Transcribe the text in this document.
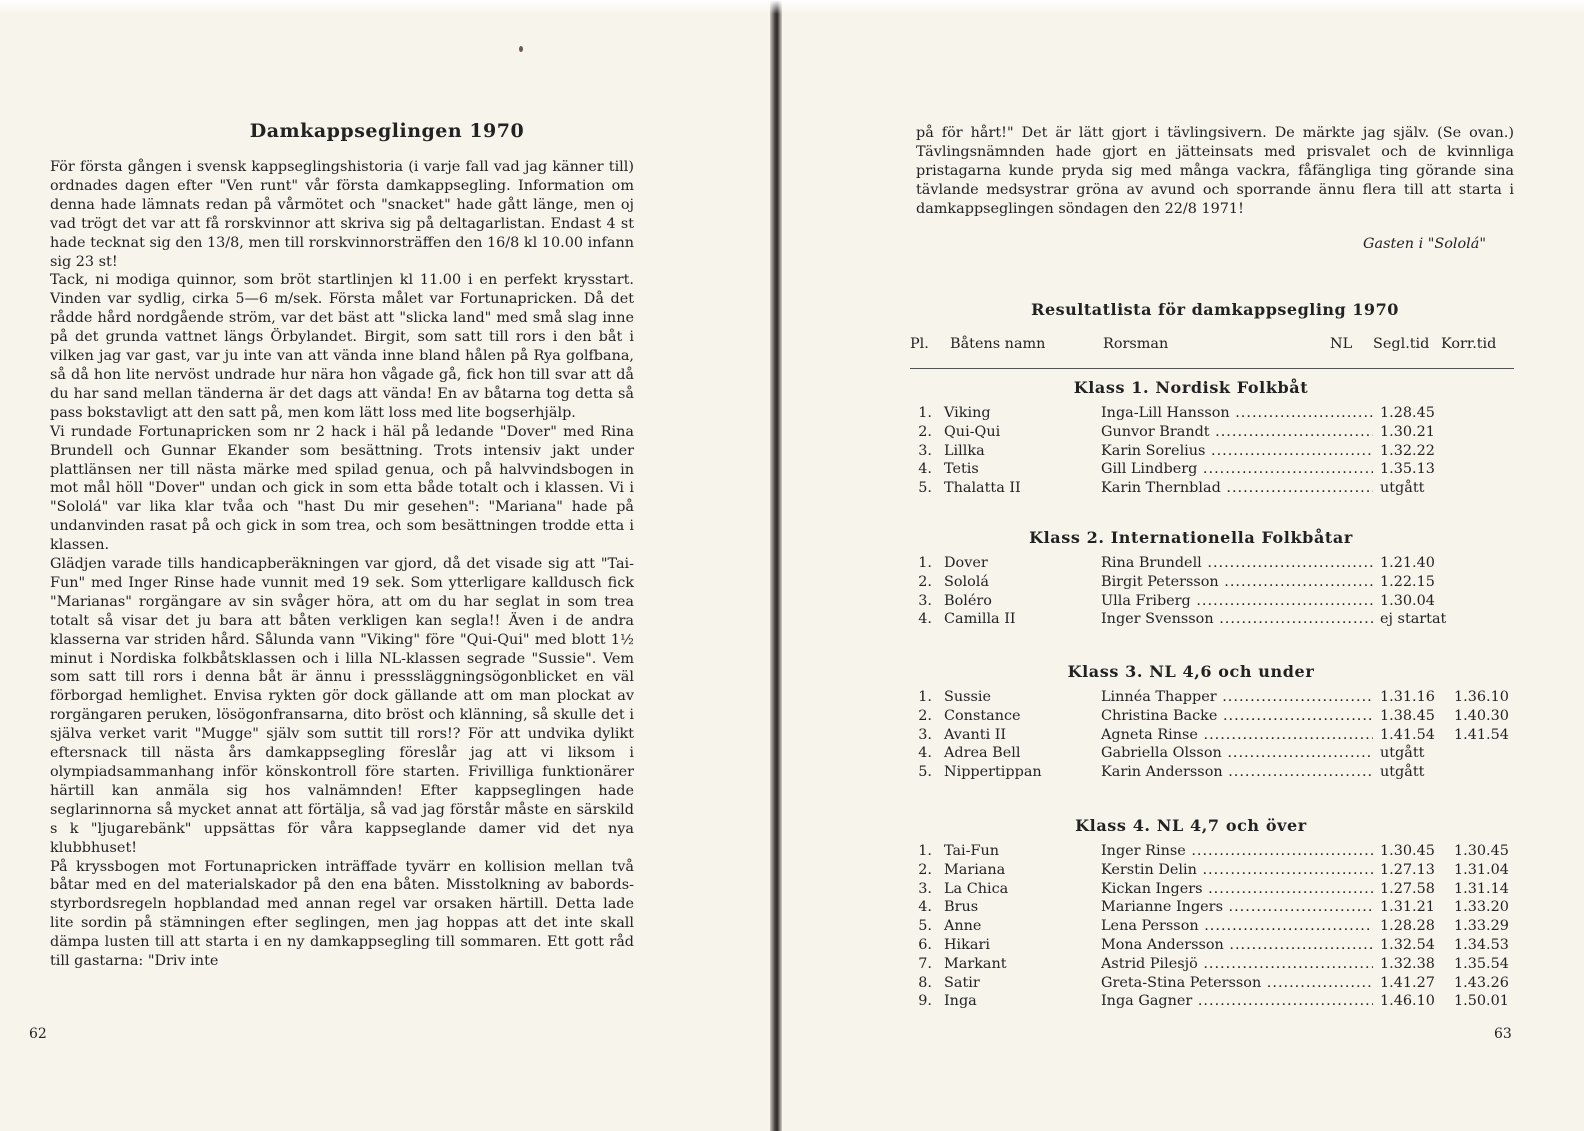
Damkappseglingen 1970

För första gången i svensk kappseglingshistoria (i varje fall vad jag känner till) ordnades dagen efter "Ven runt" vår första damkappsegling. Information om denna hade lämnats redan på vårmötet och "snacket" hade gått länge, men oj vad trögt det var att få rorskvinnor att skriva sig på deltagarlistan. Endast 4 st hade tecknat sig den 13/8, men till rorskvinnorsträffen den 16/8 kl 10.00 infann sig 23 st!

Tack, ni modiga quinnor, som bröt startlinjen kl 11.00 i en perfekt krysstart. Vinden var sydlig, cirka 5—6 m/sek. Första målet var Fortunapricken. Då det rådde hård nordgående ström, var det bäst att "slicka land" med små slag inne på det grunda vattnet längs Örbylandet. Birgit, som satt till rors i den båt i vilken jag var gast, var ju inte van att vända inne bland hålen på Rya golfbana, så då hon lite nervöst undrade hur nära hon vågade gå, fick hon till svar att då du har sand mellan tänderna är det dags att vända! En av båtarna tog detta så pass bokstavligt att den satt på, men kom lätt loss med lite bogserhjälp.

Vi rundade Fortunapricken som nr 2 hack i häl på ledande "Dover" med Rina Brundell och Gunnar Ekander som besättning. Trots intensiv jakt under plattlänsen ner till nästa märke med spilad genua, och på halvvindsbogen in mot mål höll "Dover" undan och gick in som etta både totalt och i klassen. Vi i "Sololá" var lika klar tvåa och "hast Du mir gesehen": "Mariana" hade på undanvinden rasat på och gick in som trea, och som besättningen trodde etta i klassen.

Glädjen varade tills handicapberäkningen var gjord, då det visade sig att "Tai-Fun" med Inger Rinse hade vunnit med 19 sek. Som ytterligare kalldusch fick "Marianas" rorgängare av sin svåger höra, att om du har seglat in som trea totalt så visar det ju bara att båten verkligen kan segla!! Även i de andra klasserna var striden hård. Sålunda vann "Viking" före "Qui-Qui" med blott 1½ minut i Nordiska folkbåtsklassen och i lilla NL-klassen segrade "Sussie". Vem som satt till rors i denna båt är ännu i presssläggningsögonblicket en väl förborgad hemlighet. Envisa rykten gör dock gällande att om man plockat av rorgängaren peruken, lösögonfransarna, dito bröst och klänning, så skulle det i själva verket varit "Mugge" själv som suttit till rors!? För att undvika dylikt eftersnack till nästa års damkappsegling föreslår jag att vi liksom i olympiadsammanhang inför könskontroll före starten. Frivilliga funktionärer härtill kan anmäla sig hos valnämnden! Efter kappseglingen hade seglarinnorna så mycket annat att förtälja, så vad jag förstår måste en särskild s k "ljugarebänk" uppsättas för våra kappseglande damer vid det nya klubbhuset!

På kryssbogen mot Fortunapricken inträffade tyvärr en kollision mellan två båtar med en del materialskador på den ena båten. Misstolkning av babords-styrbordsregeln hopblandad med annan regel var orsaken härtill. Detta lade lite sordin på stämningen efter seglingen, men jag hoppas att det inte skall dämpa lusten till att starta i en ny damkappsegling till sommaren. Ett gott råd till gastarna: "Driv inte

62

på för hårt!" Det är lätt gjort i tävlingsivern. De märkte jag själv. (Se ovan.) Tävlingsnämnden hade gjort en jätteinsats med prisvalet och de kvinnliga pristagarna kunde pryda sig med många vackra, fåfängliga ting görande sina tävlande medsystrar gröna av avund och sporrande ännu flera till att starta i damkappseglingen söndagen den 22/8 1971!

Gasten i "Sololá"
Resultatlista för damkappsegling 1970
Pl. Båtens namn	Rorsman	NL Segl.tid Korr.tid
Klass 1. Nordisk Folkbåt
1. Viking	Inga-Lill Hansson .....	1.28.45
2. Qui-Qui	Gunvor Brandt .....	1.30.21
3. Lillka	Karin Sorelius .....	1.32.22
4. Tetis	Gill Lindberg .....	1.35.13
5. Thalatta II	Karin Thernblad .....	utgått
Klass 2. Internationella Folkbåtar
1. Dover	Rina Brundell .....	1.21.40
2. Sololá	Birgit Petersson .....	1.22.15
3. Boléro	Ulla Friberg .....	1.30.04
4. Camilla II	Inger Svensson .....	ej startat
Klass 3. NL 4,6 och under
1. Sussie	Linnéa Thapper .....	1.31.16 1.36.10
2. Constance	Christina Backe .....	1.38.45 1.40.30
3. Avanti II	Agneta Rinse .....	1.41.54 1.41.54
4. Adrea Bell	Gabriella Olsson .....	utgått
5. Nippertippan	Karin Andersson .....	utgått
Klass 4. NL 4,7 och över
1. Tai-Fun	Inger Rinse .....	1.30.45 1.30.45
2. Mariana	Kerstin Delin .....	1.27.13 1.31.04
3. La Chica	Kickan Ingers .....	1.27.58 1.31.14
4. Brus	Marianne Ingers .....	1.31.21 1.33.20
5. Anne	Lena Persson .....	1.28.28 1.33.29
6. Hikari	Mona Andersson .....	1.32.54 1.34.53
7. Markant	Astrid Pilesjö .....	1.32.38 1.35.54
8. Satir	Greta-Stina Petersson .....	1.41.27 1.43.26
9. Inga	Inga Gagner .....	1.46.10 1.50.01
63
